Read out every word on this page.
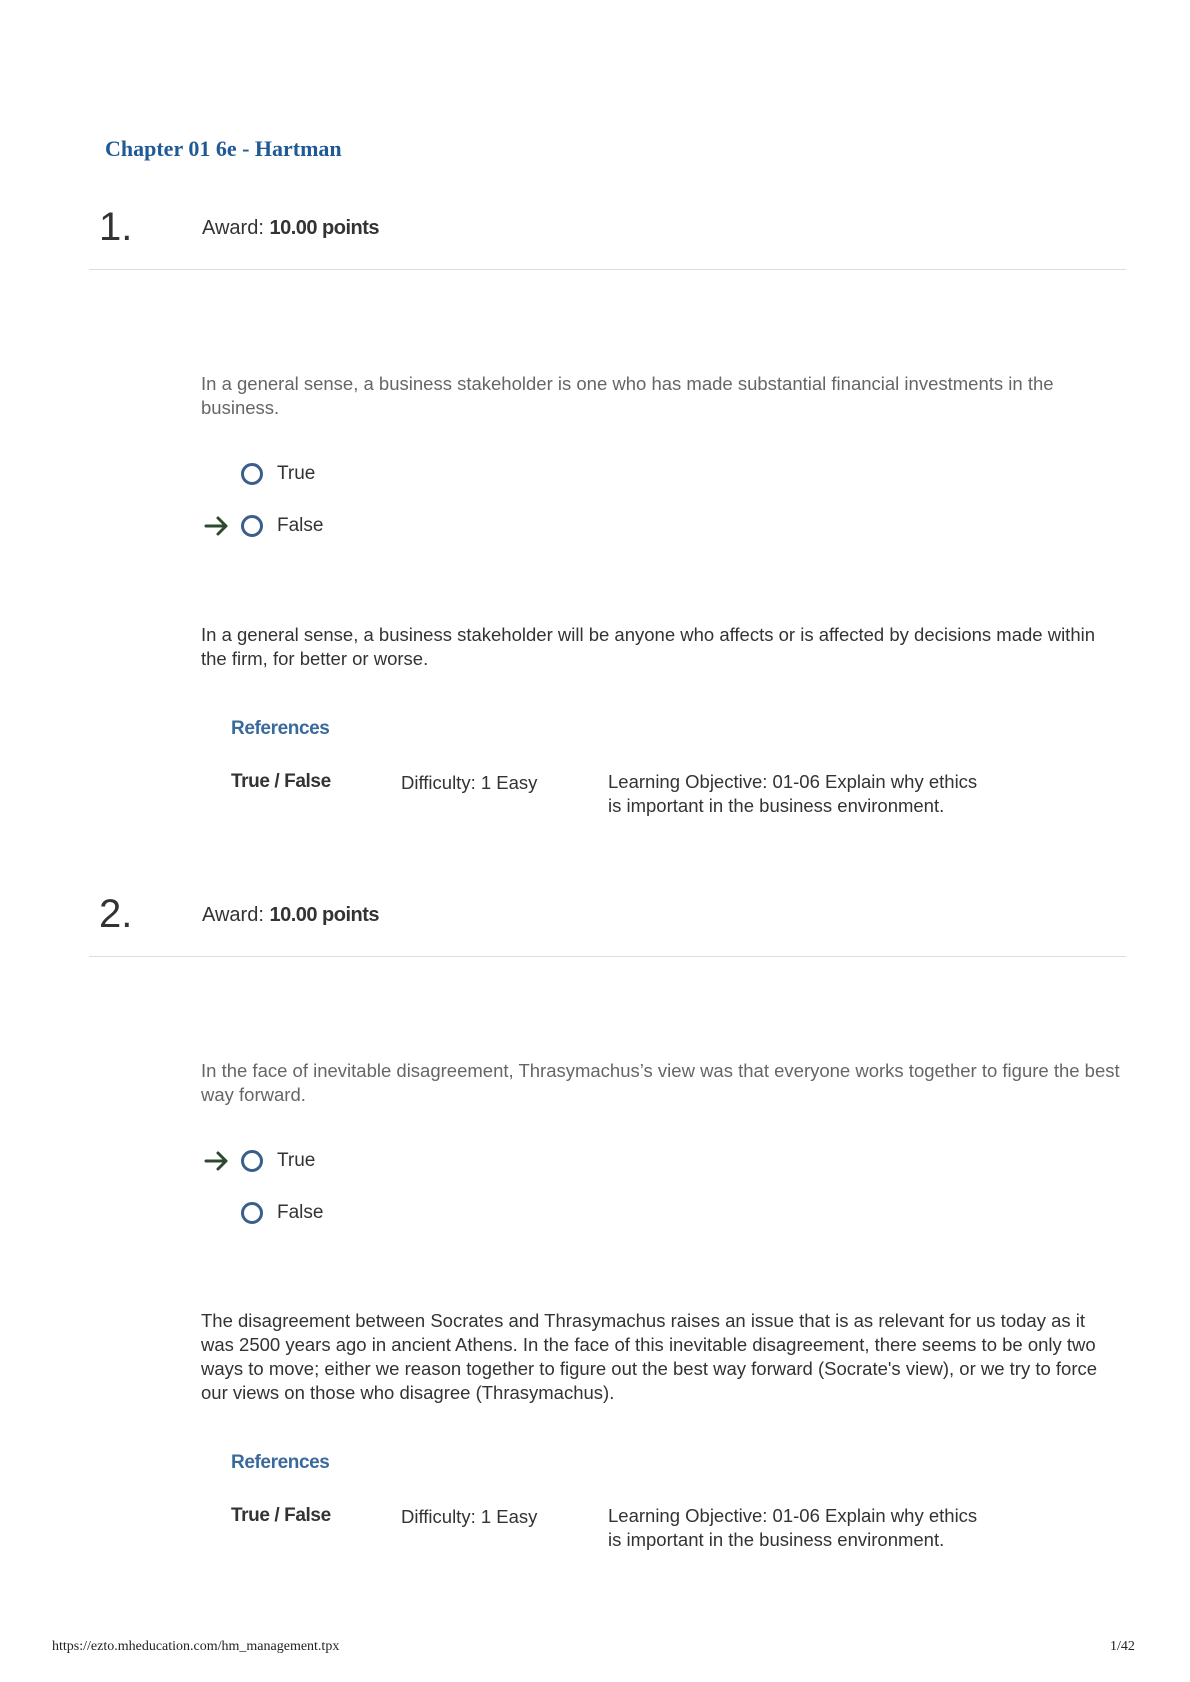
Chapter 01 6e - Hartman
1.	Award: 10.00 points

In a general sense, a business stakeholder is one who has made substantial financial investments in the business.

True
False

In a general sense, a business stakeholder will be anyone who affects or is affected by decisions made within the firm, for better or worse.

References
True / False	Difficulty: 1 Easy	Learning Objective: 01-06 Explain why ethics is important in the business environment.
2.	Award: 10.00 points

In the face of inevitable disagreement, Thrasymachus’s view was that everyone works together to figure the best way forward.

True
False

The disagreement between Socrates and Thrasymachus raises an issue that is as relevant for us today as it was 2500 years ago in ancient Athens. In the face of this inevitable disagreement, there seems to be only two ways to move; either we reason together to figure out the best way forward (Socrate's view), or we try to force our views on those who disagree (Thrasymachus).

References
True / False	Difficulty: 1 Easy	Learning Objective: 01-06 Explain why ethics is important in the business environment.
https://ezto.mheducation.com/hm_management.tpx	1/42
